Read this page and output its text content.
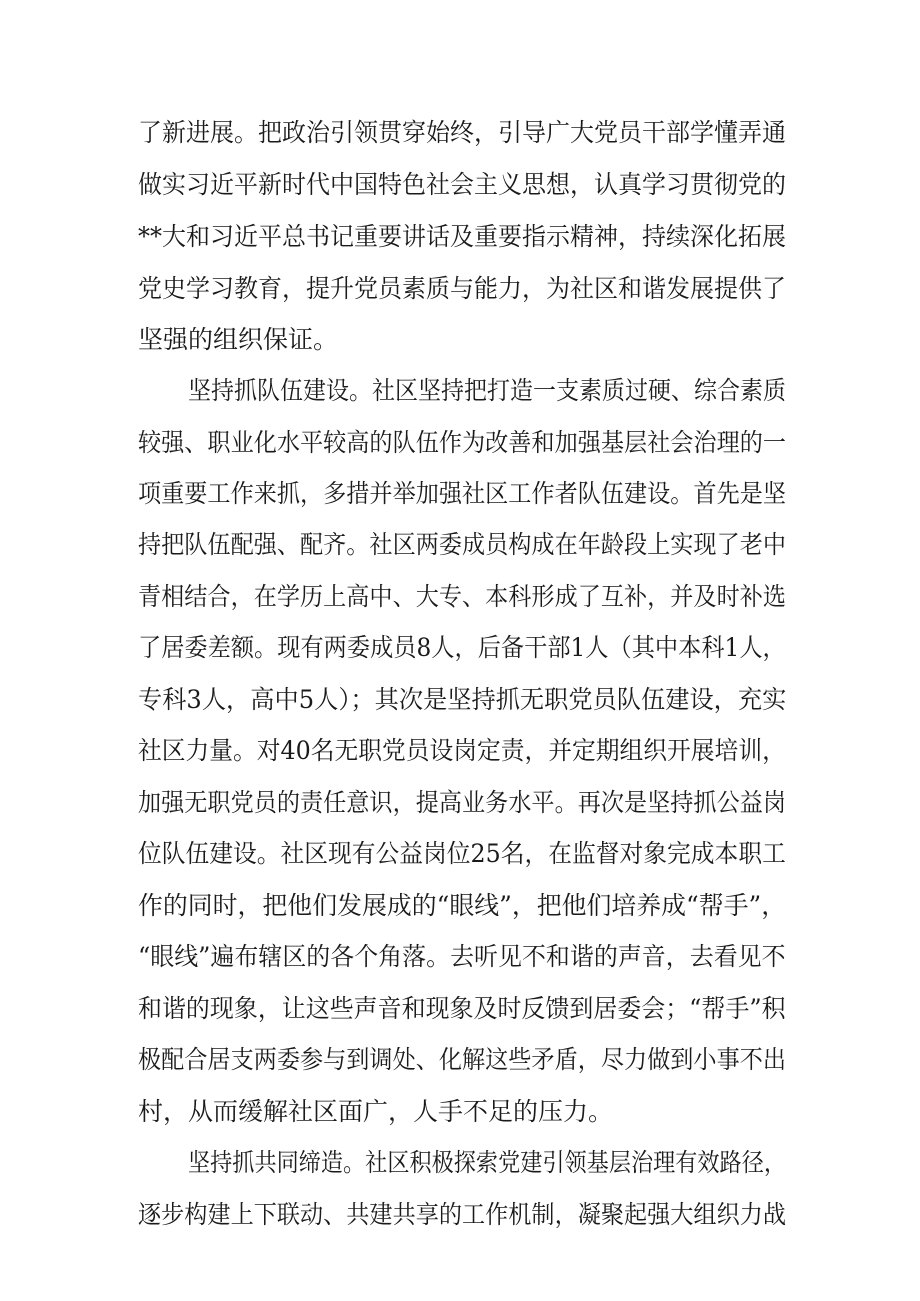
了新进展。把政治引领贯穿始终，引导广大党员干部学懂弄通
做实习近平新时代中国特色社会主义思想，认真学习贯彻党的
**大和习近平总书记重要讲话及重要指示精神，持续深化拓展
党史学习教育，提升党员素质与能力，为社区和谐发展提供了
坚强的组织保证。
坚持抓队伍建设。社区坚持把打造一支素质过硬、综合素质
较强、职业化水平较高的队伍作为改善和加强基层社会治理的一
项重要工作来抓，多措并举加强社区工作者队伍建设。首先是坚
持把队伍配强、配齐。社区两委成员构成在年龄段上实现了老中
青相结合，在学历上高中、大专、本科形成了互补，并及时补选
了居委差额。现有两委成员8人，后备干部1人（其中本科1人，
专科3人，高中5人）；其次是坚持抓无职党员队伍建设，充实
社区力量。对40名无职党员设岗定责，并定期组织开展培训，
加强无职党员的责任意识，提高业务水平。再次是坚持抓公益岗
位队伍建设。社区现有公益岗位25名，在监督对象完成本职工
作的同时，把他们发展成的“眼线”，把他们培养成“帮手”，
“眼线”遍布辖区的各个角落。去听见不和谐的声音，去看见不
和谐的现象，让这些声音和现象及时反馈到居委会；“帮手”积
极配合居支两委参与到调处、化解这些矛盾，尽力做到小事不出
村，从而缓解社区面广，人手不足的压力。
坚持抓共同缔造。社区积极探索党建引领基层治理有效路径，
逐步构建上下联动、共建共享的工作机制，凝聚起强大组织力战
